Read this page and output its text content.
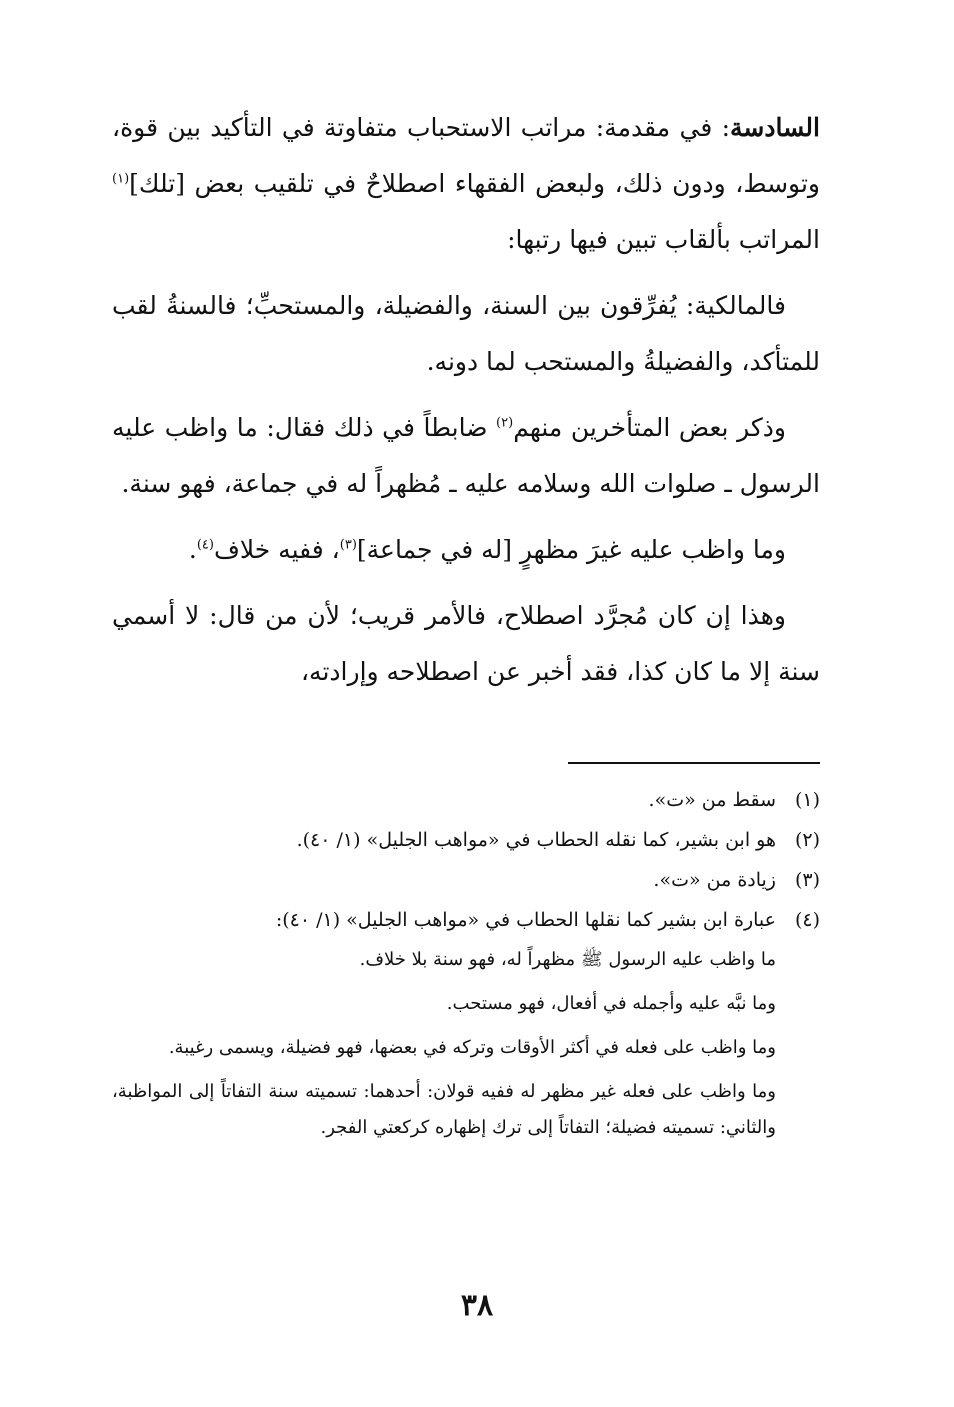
السادسة: في مقدمة: مراتب الاستحباب متفاوتة في التأكيد بين قوة، وتوسط، ودون ذلك، ولبعض الفقهاء اصطلاحٌ في تلقيب بعض [تلك]$^{(١)}$ المراتب بألقاب تبين فيها رتبها:

فالمالكية: يُفرِّقون بين السنة، والفضيلة، والمستحبِّ؛ فالسنةُ لقب للمتأكد، والفضيلةُ والمستحب لما دونه.

وذكر بعض المتأخرين منهم$^{(٢)}$ ضابطاً في ذلك فقال: ما واظب عليه الرسول ـ صلوات الله وسلامه عليه ـ مُظهراً له في جماعة، فهو سنة.

وما واظب عليه غيرَ مظهرٍ [له في جماعة]$^{(٣)}$، ففيه خلاف$^{(٤)}$.

وهذا إن كان مُجرَّد اصطلاح، فالأمر قريب؛ لأن من قال: لا أسمي سنة إلا ما كان كذا، فقد أخبر عن اصطلاحه وإرادته،

(١)
سقط من «ت».
(٢)
هو ابن بشير، كما نقله الحطاب في «مواهب الجليل» (١/ ٤٠).
(٣)
زيادة من «ت».
(٤)
عبارة ابن بشير كما نقلها الحطاب في «مواهب الجليل» (١/ ٤٠):
ما واظب عليه الرسول ﷺ مظهراً له، فهو سنة بلا خلاف.
وما نبَّه عليه وأجمله في أفعال، فهو مستحب.
وما واظب على فعله في أكثر الأوقات وتركه في بعضها، فهو فضيلة، ويسمى رغيبة.
وما واظب على فعله غير مظهر له ففيه قولان: أحدهما: تسميته سنة التفاتاً إلى المواظبة، والثاني: تسميته فضيلة؛ التفاتاً إلى ترك إظهاره كركعتي الفجر.
٣٨
